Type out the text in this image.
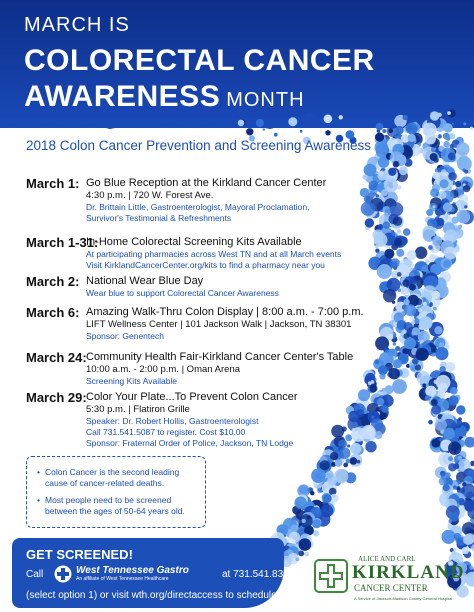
MARCH IS
COLORECTAL CANCER
AWARENESS MONTH
2018 Colon Cancer Prevention and Screening Awareness
March 1: Go Blue Reception at the Kirkland Cancer Center
4:30 p.m. | 720 W. Forest Ave.
Dr. Brittain Little, Gastroenterologist, Mayoral Proclamation,
Survivor's Testimonial & Refreshments
March 1-31:
In-Home Colorectal Screening Kits Available
At participating pharmacies across West TN and at all March events
Visit KirklandCancerCenter.org/kits to find a pharmacy near you
March 2: National Wear Blue Day
Wear blue to support Colorectal Cancer Awareness
March 6: Amazing Walk-Thru Colon Display | 8:00 a.m. - 7:00 p.m.
LIFT Wellness Center | 101 Jackson Walk | Jackson, TN 38301
Sponsor: Genentech
March 24: Community Health Fair-Kirkland Cancer Center's Table
10:00 a.m. - 2:00 p.m. | Oman Arena
Screening Kits Available
March 29: Color Your Plate...To Prevent Colon Cancer
5:30 p.m. | Flatiron Grille
Speaker: Dr. Robert Hollis, Gastroenterologist
Call 731.541.5087 to register. Cost $10.00
Sponsor: Fraternal Order of Police, Jackson, TN Lodge
• Colon Cancer is the second leading
cause of cancer-related deaths.
• Most people need to be screened
between the ages of 50-64 years old.
GET SCREENED!
Call	West Tennessee Gastro
An affiliate of West Tennessee Healthcare	at 731.541.8300
(select option 1) or visit wth.org/directaccess to schedule.
ALICE AND CARL
KIRKLAND
CANCER CENTER
A Service of Jackson-Madison County General Hospital
